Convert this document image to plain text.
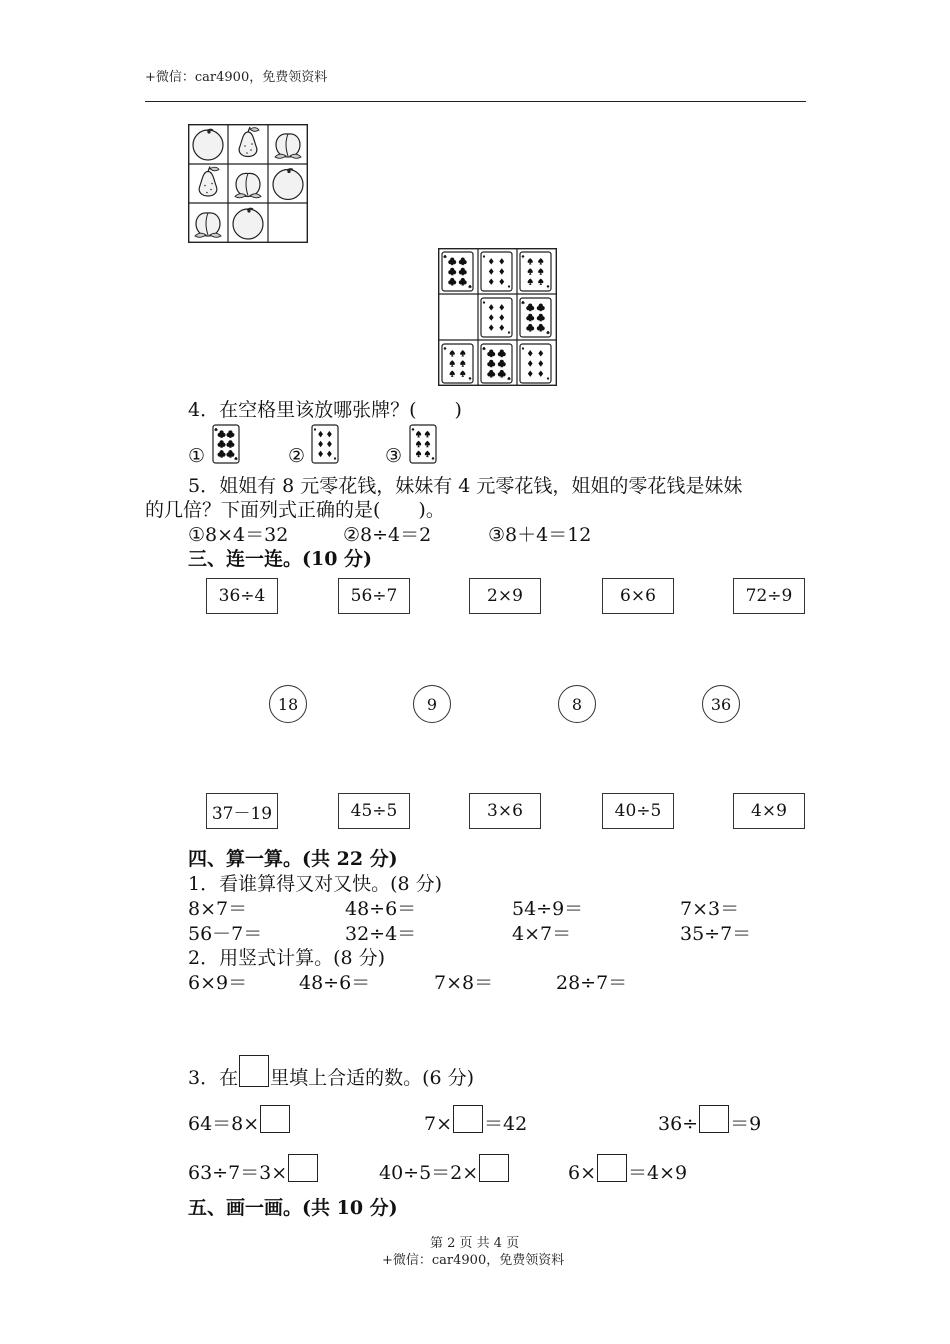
+微信：car4900，免费领资料
4．在空格里该放哪张牌？(　　)
①	②	③
5．姐姐有 8 元零花钱，妹妹有 4 元零花钱，姐姐的零花钱是妹妹
的几倍？下面列式正确的是(　　)。
①8×4＝32	②8÷4＝2	③8＋4＝12
三、连一连。(10 分)
36÷4	56÷7	2×9	6×6	72÷9
18	9	8	36
37－19	45÷5	3×6	40÷5	4×9
四、算一算。(共 22 分)
1．看谁算得又对又快。(8 分)
8×7＝	48÷6＝	54÷9＝	7×3＝
56－7＝	32÷4＝	4×7＝	35÷7＝
2．用竖式计算。(8 分)
6×9＝	48÷6＝	7×8＝	28÷7＝
3．在 里填上合适的数。(6 分)
64＝8×	7× ＝42	36÷ ＝9
63÷7＝3×	40÷5＝2×	6× ＝4×9
五、画一画。(共 10 分)
第 2 页 共 4 页
+微信：car4900，免费领资料
